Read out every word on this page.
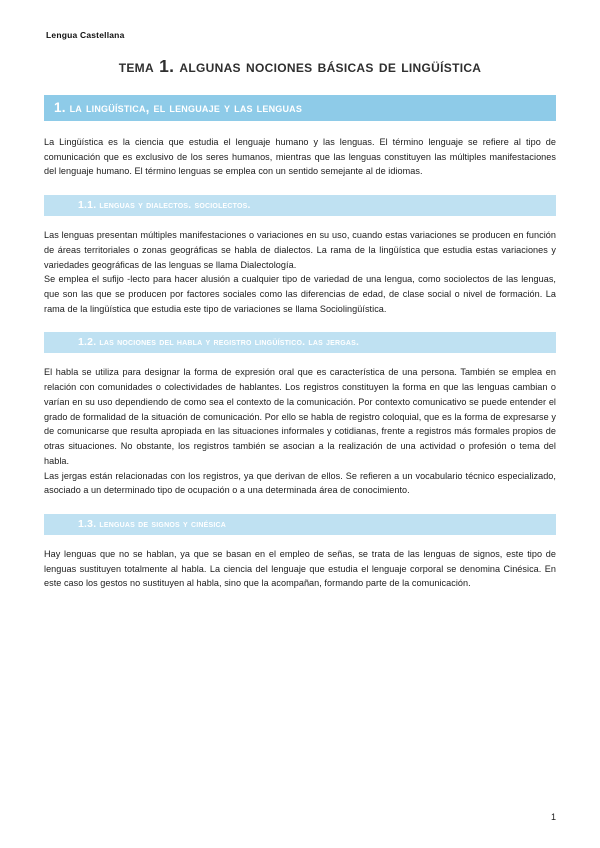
Lengua Castellana
tema 1. algunas nociones básicas de lingüística
1. la lingüística, el lenguaje y las lenguas

La Lingüística es la ciencia que estudia el lenguaje humano y las lenguas. El término lenguaje se refiere al tipo de comunicación que es exclusivo de los seres humanos, mientras que las lenguas constituyen las múltiples manifestaciones del lenguaje humano. El término lenguas se emplea con un sentido semejante al de idiomas.

1.1. lenguas y dialectos. sociolectos.

Las lenguas presentan múltiples manifestaciones o variaciones en su uso, cuando estas variaciones se producen en función de áreas territoriales o zonas geográficas se habla de dialectos. La rama de la lingüística que estudia estas variaciones y variedades geográficas de las lenguas se llama Dialectología.

Se emplea el sufijo -lecto para hacer alusión a cualquier tipo de variedad de una lengua, como sociolectos de las lenguas, que son las que se producen por factores sociales como las diferencias de edad, de clase social o nivel de formación. La rama de la lingüística que estudia este tipo de variaciones se llama Sociolingüística.

1.2. las nociones del habla y registro lingüístico. las jergas.

El habla se utiliza para designar la forma de expresión oral que es característica de una persona. También se emplea en relación con comunidades o colectividades de hablantes. Los registros constituyen la forma en que las lenguas cambian o varían en su uso dependiendo de como sea el contexto de la comunicación. Por contexto comunicativo se puede entender el grado de formalidad de la situación de comunicación. Por ello se habla de registro coloquial, que es la forma de expresarse y de comunicarse que resulta apropiada en las situaciones informales y cotidianas, frente a registros más formales propios de otras situaciones. No obstante, los registros también se asocian a la realización de una actividad o profesión o tema del habla.

Las jergas están relacionadas con los registros, ya que derivan de ellos. Se refieren a un vocabulario técnico especializado, asociado a un determinado tipo de ocupación o a una determinada área de conocimiento.

1.3. lenguas de signos y cinésica

Hay lenguas que no se hablan, ya que se basan en el empleo de señas, se trata de las lenguas de signos, este tipo de lenguas sustituyen totalmente al habla. La ciencia del lenguaje que estudia el lenguaje corporal se denomina Cinésica. En este caso los gestos no sustituyen al habla, sino que la acompañan, formando parte de la comunicación.

1
